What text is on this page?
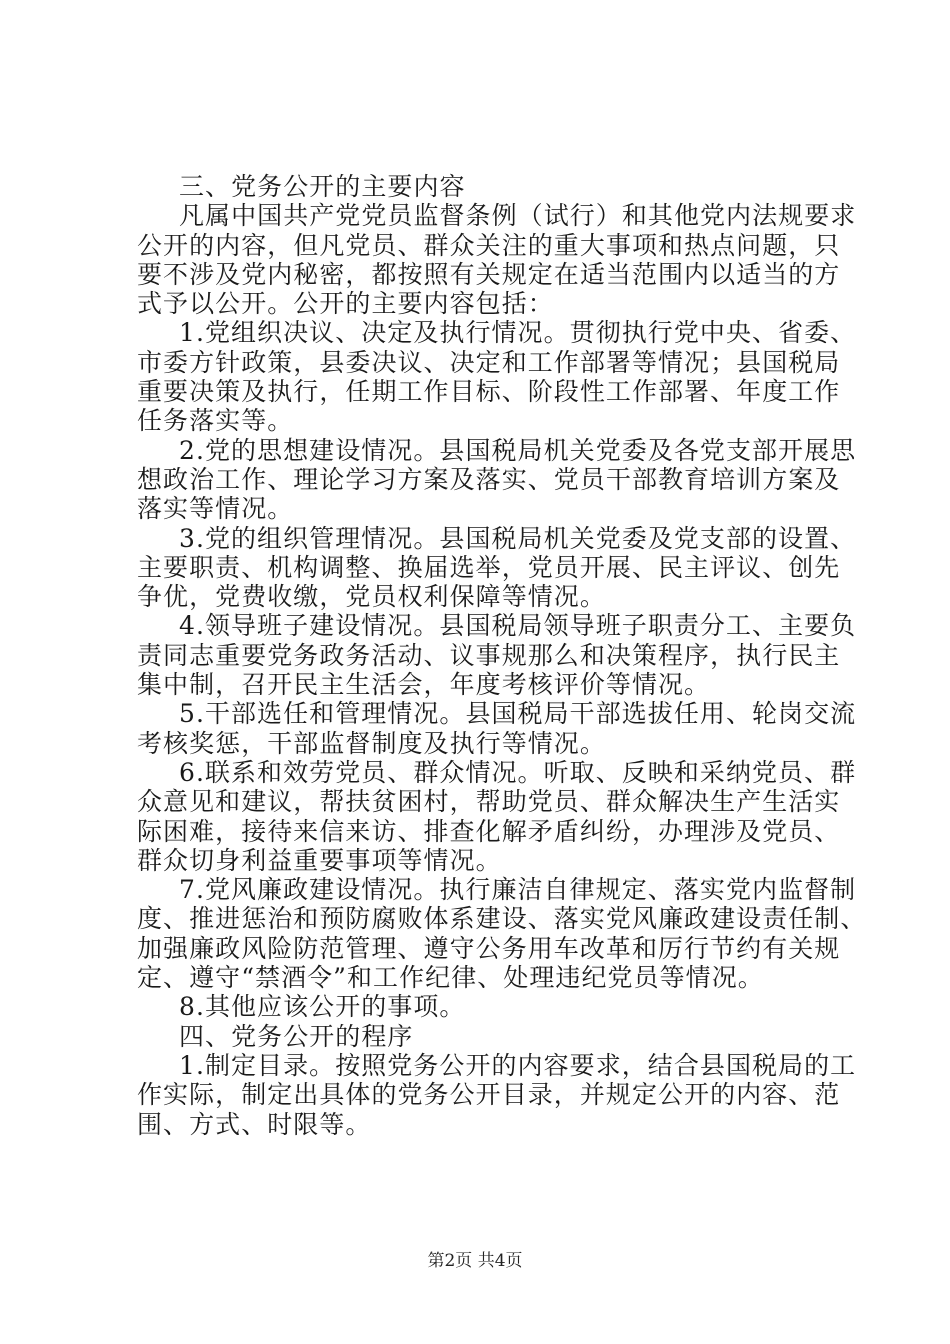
三、党务公开的主要内容

凡属中国共产党党员监督条例（试行）和其他党内法规要求

公开的内容，但凡党员、群众关注的重大事项和热点问题，只

要不涉及党内秘密，都按照有关规定在适当范围内以适当的方

式予以公开。公开的主要内容包括：

1.党组织决议、决定及执行情况。贯彻执行党中央、省委、

市委方针政策，县委决议、决定和工作部署等情况；县国税局

重要决策及执行，任期工作目标、阶段性工作部署、年度工作

任务落实等。

2.党的思想建设情况。县国税局机关党委及各党支部开展思

想政治工作、理论学习方案及落实、党员干部教育培训方案及

落实等情况。

3.党的组织管理情况。县国税局机关党委及党支部的设置、

主要职责、机构调整、换届选举，党员开展、民主评议、创先

争优，党费收缴，党员权利保障等情况。

4.领导班子建设情况。县国税局领导班子职责分工、主要负

责同志重要党务政务活动、议事规那么和决策程序，执行民主

集中制，召开民主生活会，年度考核评价等情况。

5.干部选任和管理情况。县国税局干部选拔任用、轮岗交流

考核奖惩，干部监督制度及执行等情况。

6.联系和效劳党员、群众情况。听取、反映和采纳党员、群

众意见和建议，帮扶贫困村，帮助党员、群众解决生产生活实

际困难，接待来信来访、排查化解矛盾纠纷，办理涉及党员、

群众切身利益重要事项等情况。

7.党风廉政建设情况。执行廉洁自律规定、落实党内监督制

度、推进惩治和预防腐败体系建设、落实党风廉政建设责任制、

加强廉政风险防范管理、遵守公务用车改革和厉行节约有关规

定、遵守“禁酒令”和工作纪律、处理违纪党员等情况。

8.其他应该公开的事项。

四、党务公开的程序

1.制定目录。按照党务公开的内容要求，结合县国税局的工

作实际，制定出具体的党务公开目录，并规定公开的内容、范

围、方式、时限等。

第2页 共4页
